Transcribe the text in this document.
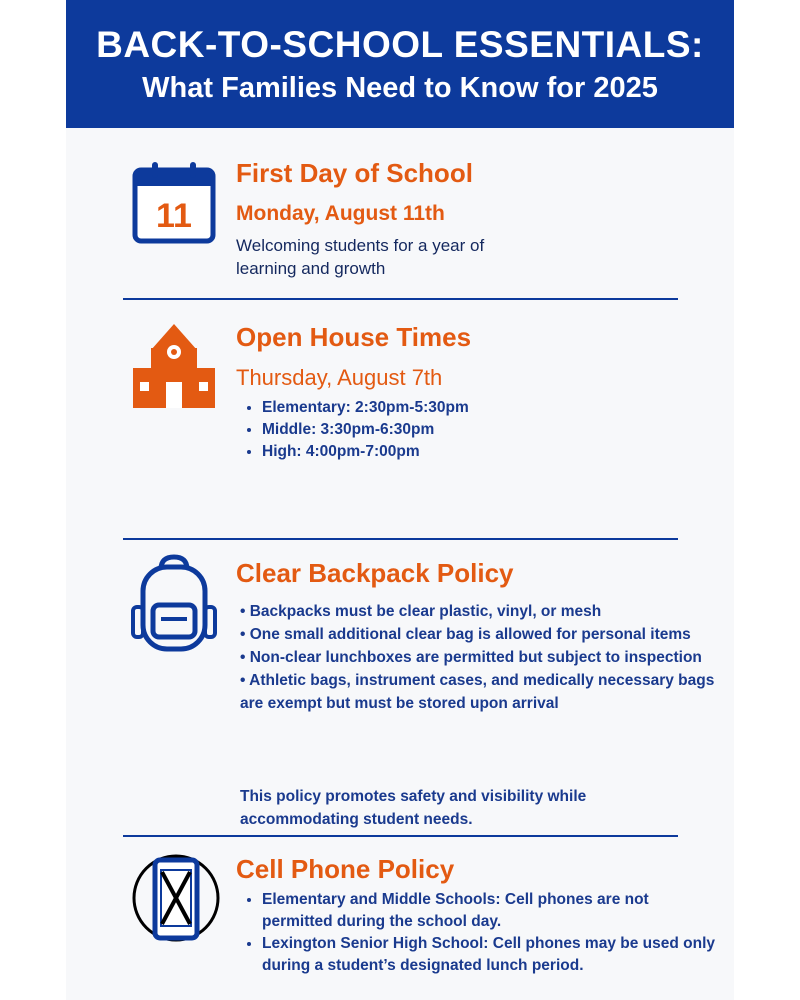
BACK-TO-SCHOOL ESSENTIALS:
What Families Need to Know for 2025
11
First Day of School
Monday, August 11th
Welcoming students for a year of learning and growth
Open House Times
Thursday, August 7th
• Elementary: 2:30pm-5:30pm
• Middle: 3:30pm-6:30pm
• High: 4:00pm-7:00pm
Clear Backpack Policy
• Backpacks must be clear plastic, vinyl, or mesh
• One small additional clear bag is allowed for personal items
• Non-clear lunchboxes are permitted but subject to inspection
• Athletic bags, instrument cases, and medically necessary bags are exempt but must be stored upon arrival
This policy promotes safety and visibility while accommodating student needs.
Cell Phone Policy
• Elementary and Middle Schools: Cell phones are not permitted during the school day.
• Lexington Senior High School: Cell phones may be used only during a student’s designated lunch period.
